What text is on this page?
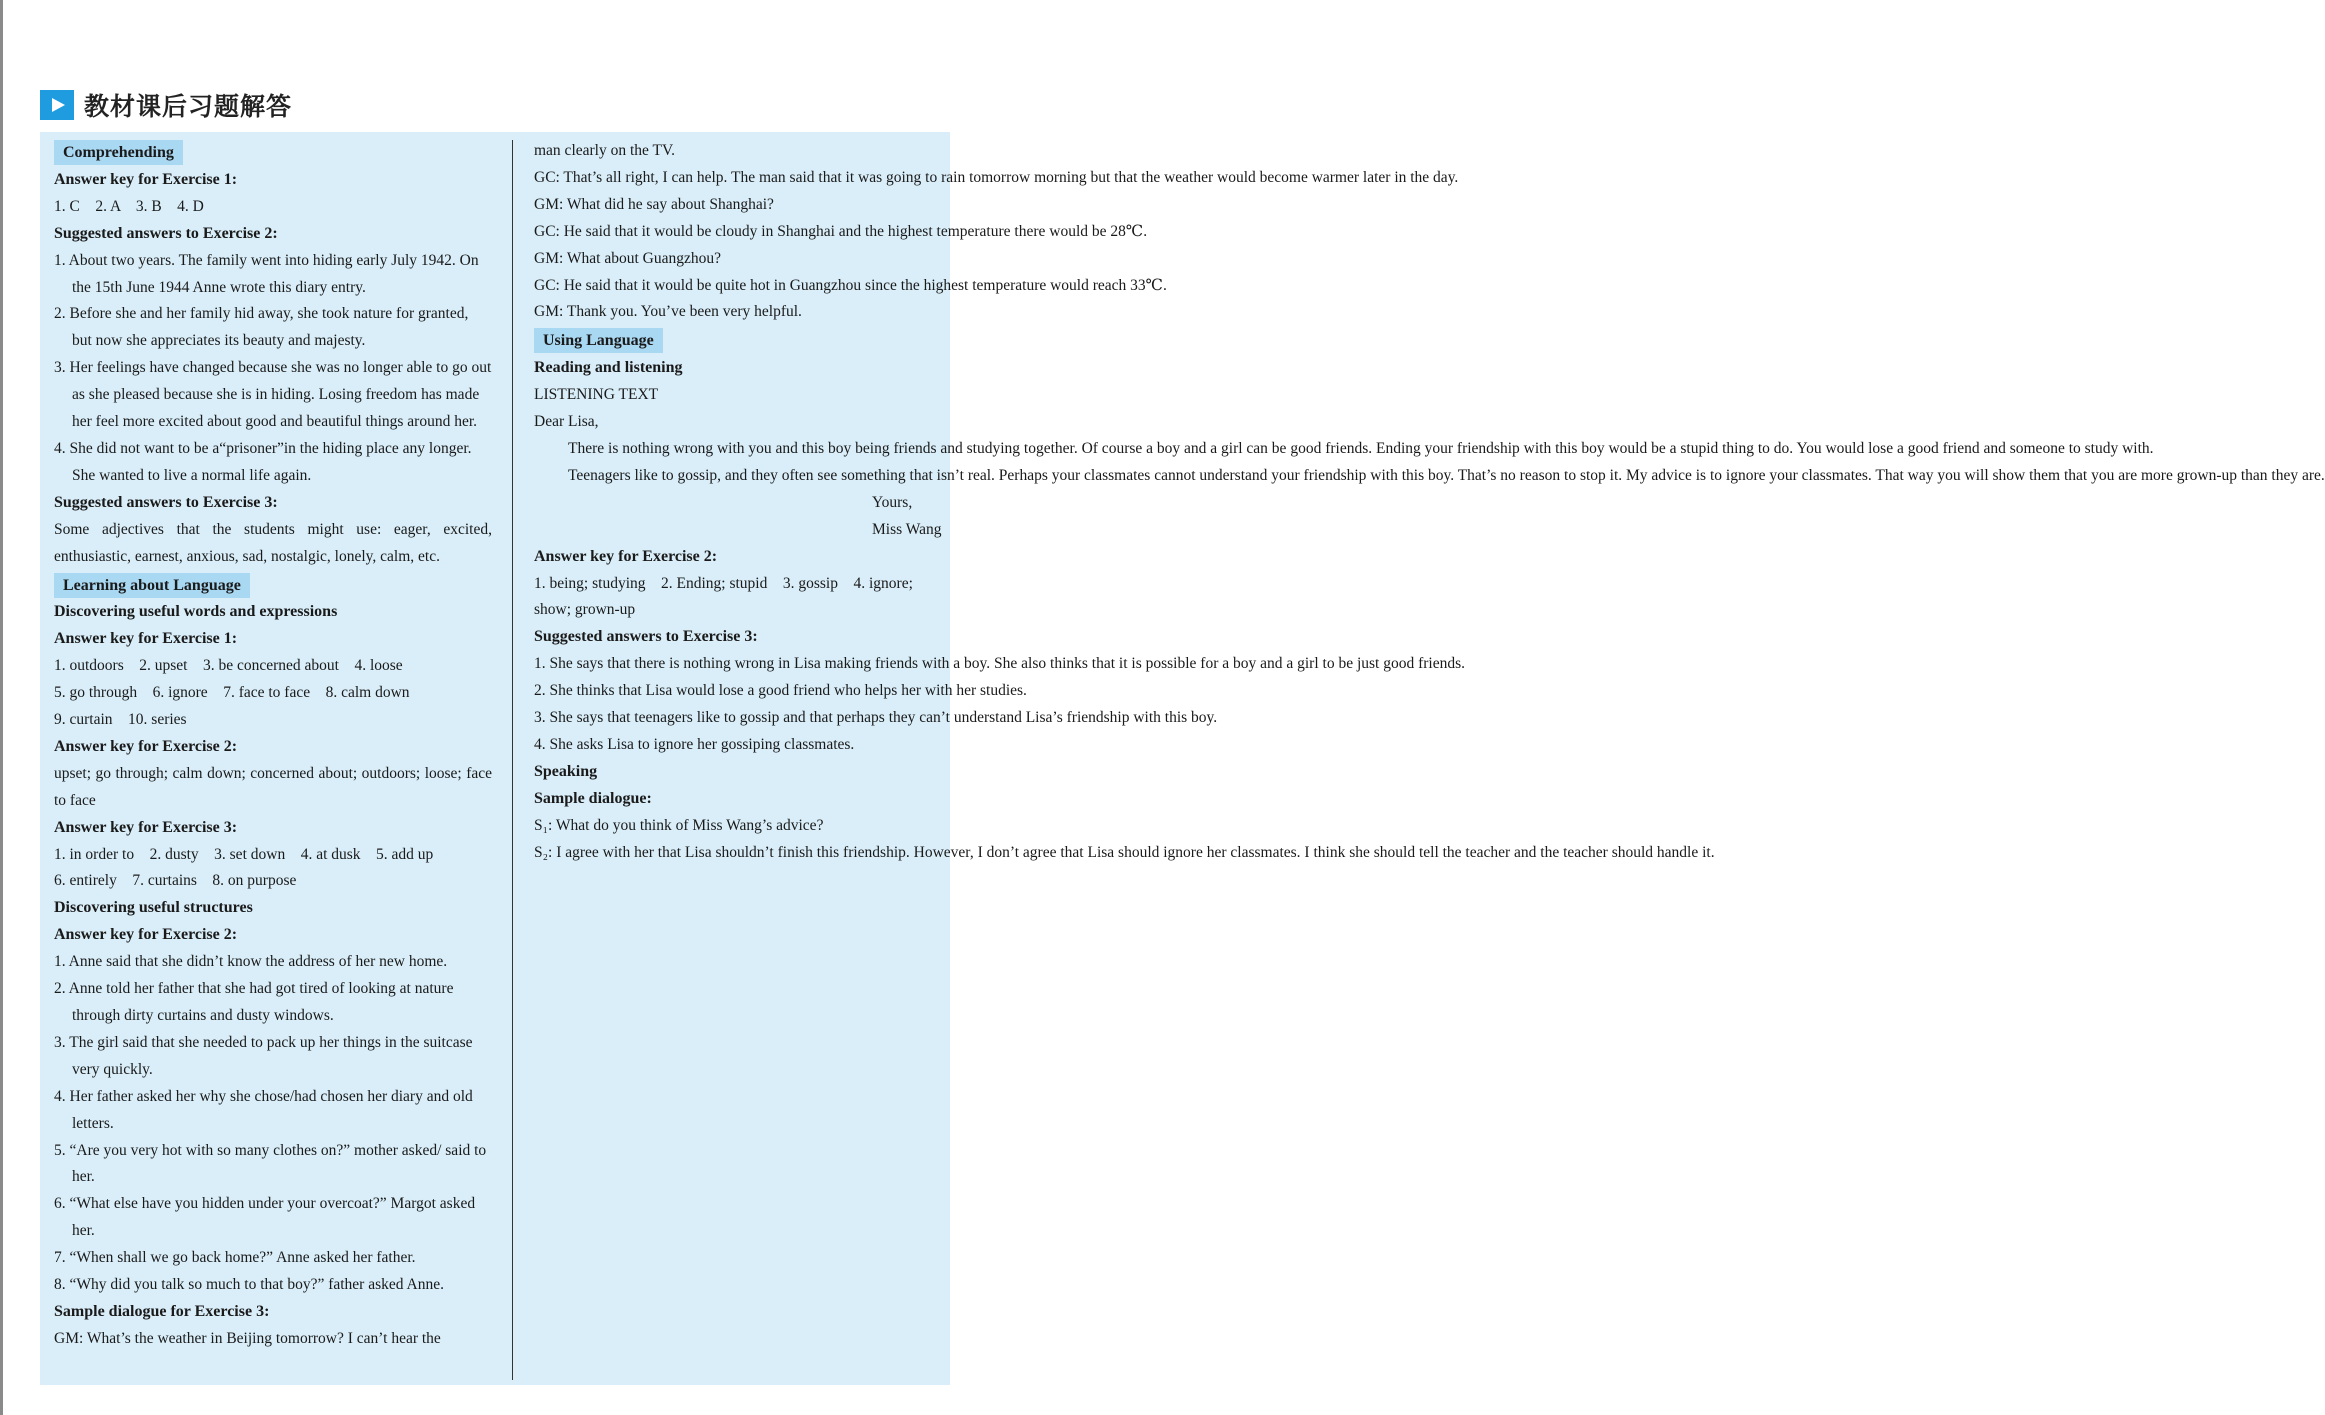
教材课后习题解答
Comprehending
Answer key for Exercise 1:
1. C    2. A    3. B    4. D
Suggested answers to Exercise 2:
1. About two years. The family went into hiding early July 1942. On the 15th June 1944 Anne wrote this diary entry.
2. Before she and her family hid away, she took nature for granted, but now she appreciates its beauty and majesty.
3. Her feelings have changed because she was no longer able to go out as she pleased because she is in hiding. Losing freedom has made her feel more excited about good and beautiful things around her.
4. She did not want to be a“prisoner”in the hiding place any longer. She wanted to live a normal life again.
Suggested answers to Exercise 3:
Some adjectives that the students might use: eager, excited, enthusiastic, earnest, anxious, sad, nostalgic, lonely, calm, etc.
Learning about Language
Discovering useful words and expressions
Answer key for Exercise 1:
1. outdoors    2. upset    3. be concerned about    4. loose
5. go through    6. ignore    7. face to face    8. calm down
9. curtain    10. series
Answer key for Exercise 2:
upset; go through; calm down; concerned about; outdoors; loose; face to face
Answer key for Exercise 3:
1. in order to    2. dusty    3. set down    4. at dusk    5. add up
6. entirely    7. curtains    8. on purpose
Discovering useful structures
Answer key for Exercise 2:
1. Anne said that she didn’t know the address of her new home.
2. Anne told her father that she had got tired of looking at nature through dirty curtains and dusty windows.
3. The girl said that she needed to pack up her things in the suitcase very quickly.
4. Her father asked her why she chose/had chosen her diary and old letters.
5. “Are you very hot with so many clothes on?” mother asked/ said to her.
6. “What else have you hidden under your overcoat?” Margot asked her.
7. “When shall we go back home?” Anne asked her father.
8. “Why did you talk so much to that boy?” father asked Anne.
Sample dialogue for Exercise 3:
GM: What’s the weather in Beijing tomorrow? I can’t hear the
man clearly on the TV.
GC: That’s all right, I can help. The man said that it was going to rain tomorrow morning but that the weather would become warmer later in the day.
GM: What did he say about Shanghai?
GC: He said that it would be cloudy in Shanghai and the highest temperature there would be 28℃.
GM: What about Guangzhou?
GC: He said that it would be quite hot in Guangzhou since the highest temperature would reach 33℃.
GM: Thank you. You’ve been very helpful.
Using Language
Reading and listening
LISTENING TEXT
Dear Lisa,
There is nothing wrong with you and this boy being friends and studying together. Of course a boy and a girl can be good friends. Ending your friendship with this boy would be a stupid thing to do. You would lose a good friend and someone to study with.
Teenagers like to gossip, and they often see something that isn’t real. Perhaps your classmates cannot understand your friendship with this boy. That’s no reason to stop it. My advice is to ignore your classmates. That way you will show them that you are more grown-up than they are.
Yours,
Miss Wang
Answer key for Exercise 2:
1. being; studying    2. Ending; stupid    3. gossip    4. ignore;
show; grown-up
Suggested answers to Exercise 3:
1. She says that there is nothing wrong in Lisa making friends with a boy. She also thinks that it is possible for a boy and a girl to be just good friends.
2. She thinks that Lisa would lose a good friend who helps her with her studies.
3. She says that teenagers like to gossip and that perhaps they can’t understand Lisa’s friendship with this boy.
4. She asks Lisa to ignore her gossiping classmates.
Speaking
Sample dialogue:
S₁: What do you think of Miss Wang’s advice?
S₂: I agree with her that Lisa shouldn’t finish this friendship. However, I don’t agree that Lisa should ignore her classmates. I think she should tell the teacher and the teacher should handle it.
